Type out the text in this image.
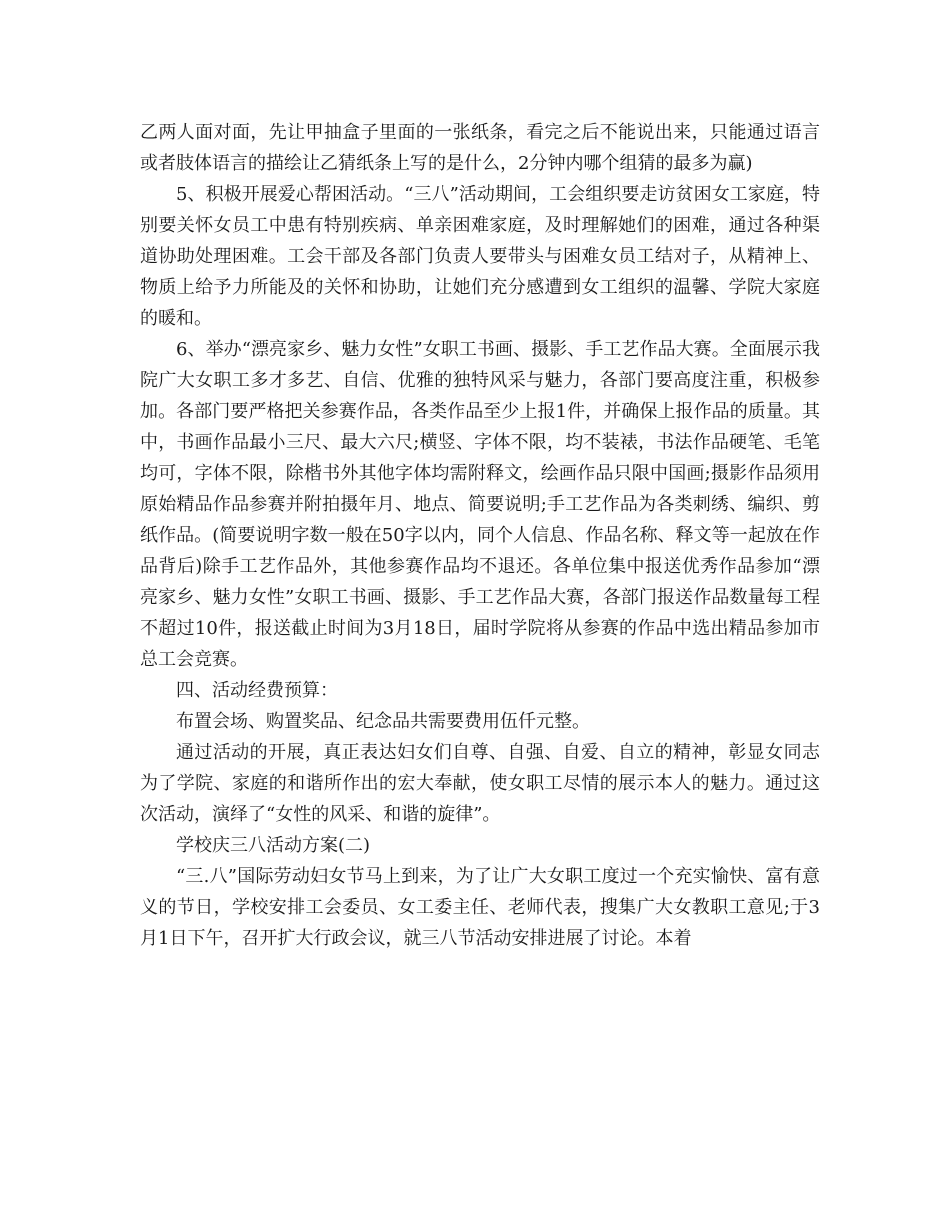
乙两人面对面，先让甲抽盒子里面的一张纸条，看完之后不能说出来，只能通过语言或者肢体语言的描绘让乙猜纸条上写的是什么，2分钟内哪个组猜的最多为赢)

5、积极开展爱心帮困活动。“三八”活动期间，工会组织要走访贫困女工家庭，特别要关怀女员工中患有特别疾病、单亲困难家庭，及时理解她们的困难，通过各种渠道协助处理困难。工会干部及各部门负责人要带头与困难女员工结对子，从精神上、物质上给予力所能及的关怀和协助，让她们充分感遭到女工组织的温馨、学院大家庭的暖和。

6、举办“漂亮家乡、魅力女性”女职工书画、摄影、手工艺作品大赛。全面展示我院广大女职工多才多艺、自信、优雅的独特风采与魅力，各部门要高度注重，积极参加。各部门要严格把关参赛作品，各类作品至少上报1件，并确保上报作品的质量。其中，书画作品最小三尺、最大六尺;横竖、字体不限，均不装裱，书法作品硬笔、毛笔均可，字体不限，除楷书外其他字体均需附释文，绘画作品只限中国画;摄影作品须用原始精品作品参赛并附拍摄年月、地点、简要说明;手工艺作品为各类刺绣、编织、剪纸作品。(简要说明字数一般在50字以内，同个人信息、作品名称、释文等一起放在作品背后)除手工艺作品外，其他参赛作品均不退还。各单位集中报送优秀作品参加“漂亮家乡、魅力女性”女职工书画、摄影、手工艺作品大赛，各部门报送作品数量每工程不超过10件，报送截止时间为3月18日，届时学院将从参赛的作品中选出精品参加市总工会竞赛。

四、活动经费预算：

布置会场、购置奖品、纪念品共需要费用伍仟元整。

通过活动的开展，真正表达妇女们自尊、自强、自爱、自立的精神，彰显女同志为了学院、家庭的和谐所作出的宏大奉献，使女职工尽情的展示本人的魅力。通过这次活动，演绎了“女性的风采、和谐的旋律”。

学校庆三八活动方案(二)

“三.八”国际劳动妇女节马上到来，为了让广大女职工度过一个充实愉快、富有意义的节日，学校安排工会委员、女工委主任、老师代表，搜集广大女教职工意见;于3月1日下午，召开扩大行政会议，就三八节活动安排进展了讨论。本着
